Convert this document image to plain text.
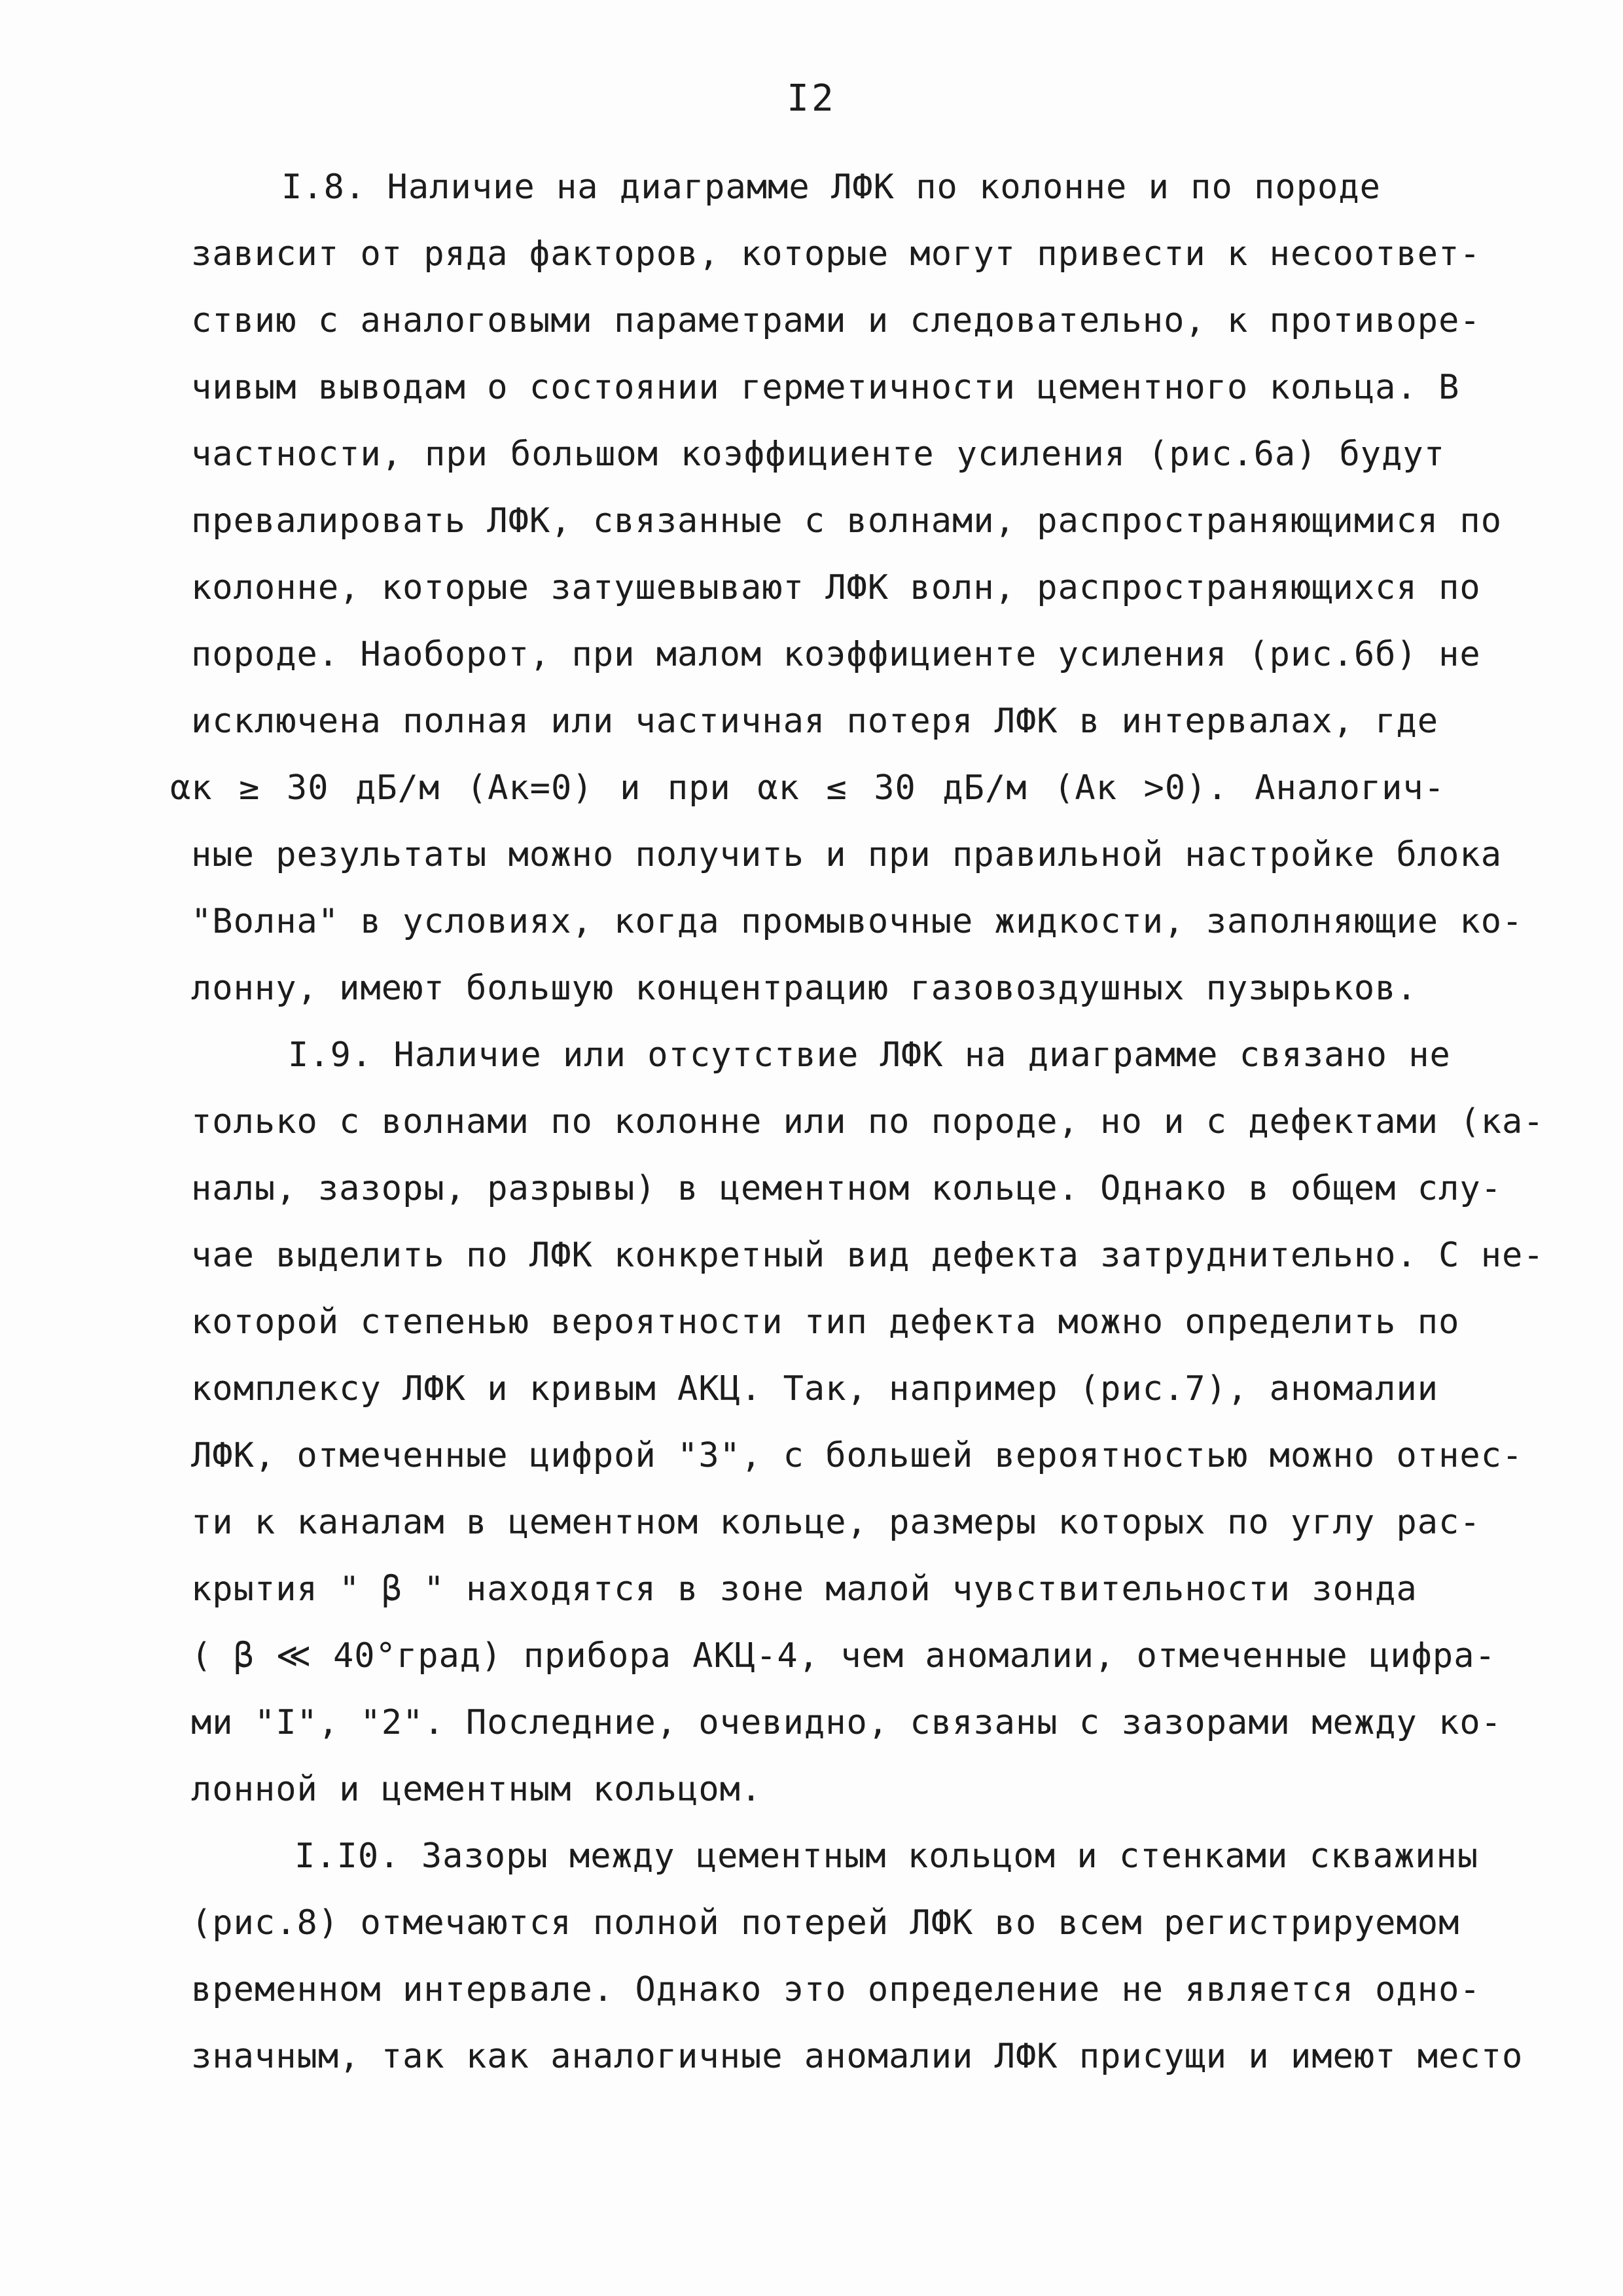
I2
I.8. Наличие на диаграмме ЛФК по колонне и по породе
зависит от ряда факторов, которые могут привести к несоответ-
ствию с аналоговыми параметрами и следовательно, к противоре-
чивым выводам о состоянии герметичности цементного кольца. В
частности, при большом коэффициенте усиления (рис.6а) будут
превалировать ЛФК, связанные с волнами, распространяющимися по
колонне, которые затушевывают ЛФК волн, распространяющихся по
породе. Наоборот, при малом коэффициенте усиления (рис.6б) не
исключена полная или частичная потеря ЛФК в интервалах, где
αк ≥ 30 дБ/м (Ак=0) и при αк ≤ 30 дБ/м (Ак >0). Аналогич-
ные результаты можно получить и при правильной настройке блока
"Волна" в условиях, когда промывочные жидкости, заполняющие ко-
лонну, имеют большую концентрацию газовоздушных пузырьков.
I.9. Наличие или отсутствие ЛФК на диаграмме связано не
только с волнами по колонне или по породе, но и с дефектами (ка-
налы, зазоры, разрывы) в цементном кольце. Однако в общем слу-
чае выделить по ЛФК конкретный вид дефекта затруднительно. С не-
которой степенью вероятности тип дефекта можно определить по
комплексу ЛФК и кривым АКЦ. Так, например (рис.7), аномалии
ЛФК, отмеченные цифрой "3", с большей вероятностью можно отнес-
ти к каналам в цементном кольце, размеры которых по углу рас-
крытия " β " находятся в зоне малой чувствительности зонда
( β ≪ 40°град) прибора АКЦ-4, чем аномалии, отмеченные цифра-
ми "I", "2". Последние, очевидно, связаны с зазорами между ко-
лонной и цементным кольцом.
I.I0. Зазоры между цементным кольцом и стенками скважины
(рис.8) отмечаются полной потерей ЛФК во всем регистрируемом
временном интервале. Однако это определение не является одно-
значным, так как аналогичные аномалии ЛФК присущи и имеют место
